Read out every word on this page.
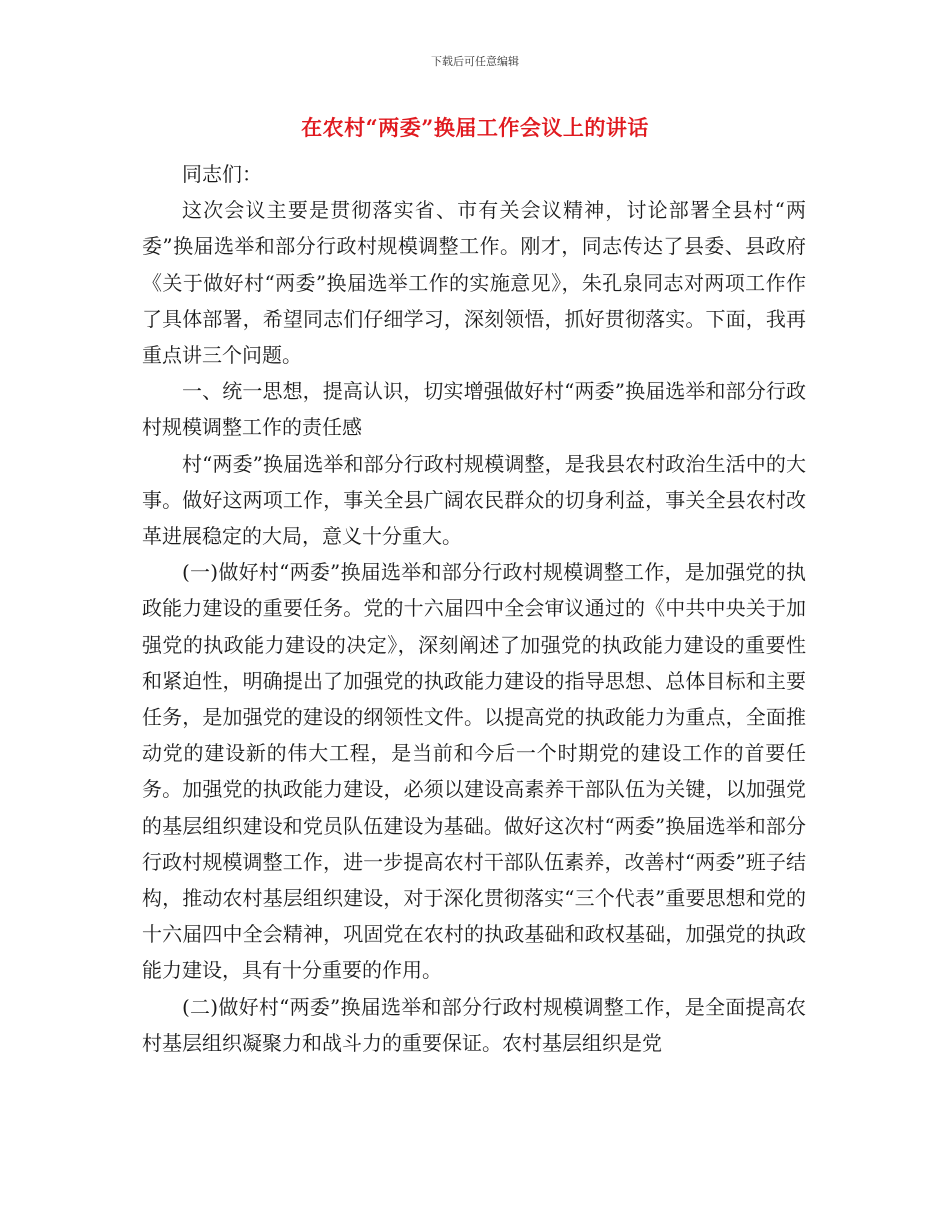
下载后可任意编辑
在农村“两委”换届工作会议上的讲话

同志们：

这次会议主要是贯彻落实省、市有关会议精神，讨论部署全县村“两委”换届选举和部分行政村规模调整工作。刚才，同志传达了县委、县政府《关于做好村“两委”换届选举工作的实施意见》，朱孔泉同志对两项工作作了具体部署，希望同志们仔细学习，深刻领悟，抓好贯彻落实。下面，我再重点讲三个问题。

一、统一思想，提高认识，切实增强做好村“两委”换届选举和部分行政村规模调整工作的责任感

村“两委”换届选举和部分行政村规模调整，是我县农村政治生活中的大事。做好这两项工作，事关全县广阔农民群众的切身利益，事关全县农村改革进展稳定的大局，意义十分重大。

(一)做好村“两委”换届选举和部分行政村规模调整工作，是加强党的执政能力建设的重要任务。党的十六届四中全会审议通过的《中共中央关于加强党的执政能力建设的决定》，深刻阐述了加强党的执政能力建设的重要性和紧迫性，明确提出了加强党的执政能力建设的指导思想、总体目标和主要任务，是加强党的建设的纲领性文件。以提高党的执政能力为重点，全面推动党的建设新的伟大工程，是当前和今后一个时期党的建设工作的首要任务。加强党的执政能力建设，必须以建设高素养干部队伍为关键，以加强党的基层组织建设和党员队伍建设为基础。做好这次村“两委”换届选举和部分行政村规模调整工作，进一步提高农村干部队伍素养，改善村“两委”班子结构，推动农村基层组织建设，对于深化贯彻落实“三个代表”重要思想和党的十六届四中全会精神，巩固党在农村的执政基础和政权基础，加强党的执政能力建设，具有十分重要的作用。

(二)做好村“两委”换届选举和部分行政村规模调整工作，是全面提高农村基层组织凝聚力和战斗力的重要保证。农村基层组织是党
